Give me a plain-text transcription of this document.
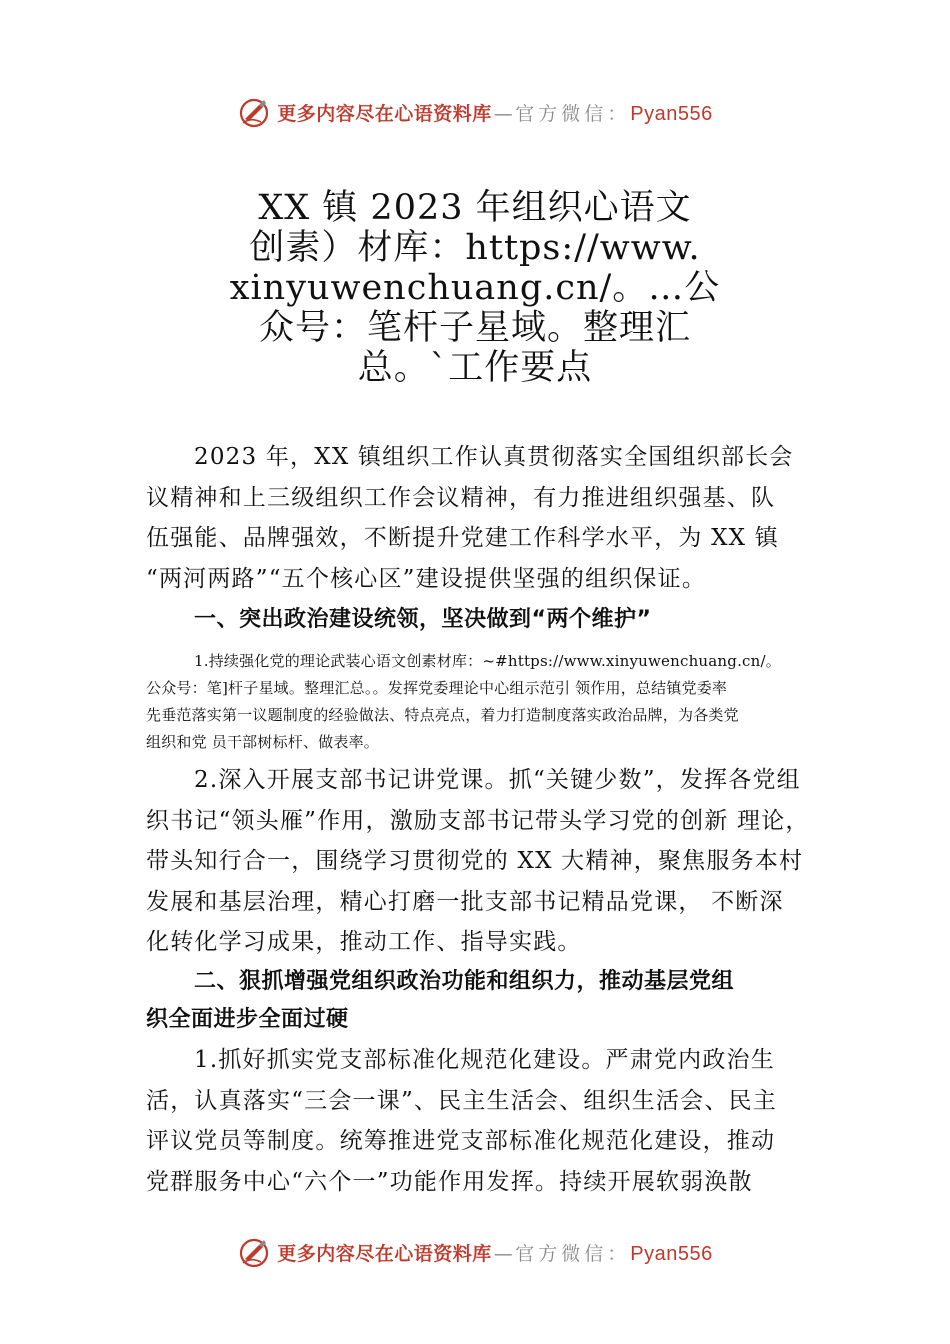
更多内容尽在心语资料库 — 官方微信： Pyan556
XX 镇 2023 年组织心语文
创素）材库：https://www.
xinyuwenchuang.cn/。…公
众号：笔杆子星域。整理汇
总。`工作要点
2023 年，XX 镇组织工作认真贯彻落实全国组织部长会
议精神和上三级组织工作会议精神，有力推进组织强基、队
伍强能、品牌强效，不断提升党建工作科学水平，为 XX 镇
“两河两路”“五个核心区”建设提供坚强的组织保证。
一、突出政治建设统领，坚决做到“两个维护”
1.持续强化党的理论武装心语文创素材库：~#https://www.xinyuwenchuang.cn/。
公众号：笔]杆子星域。整理汇总。。发挥党委理论中心组示范引 领作用，总结镇党委率
先垂范落实第一议题制度的经验做法、特点亮点，着力打造制度落实政治品牌，为各类党
组织和党 员干部树标杆、做表率。
2.深入开展支部书记讲党课。抓“关键少数”，发挥各党组
织书记“领头雁”作用，激励支部书记带头学习党的创新 理论，
带头知行合一，围绕学习贯彻党的 XX 大精神，聚焦服务本村
发展和基层治理，精心打磨一批支部书记精品党课， 不断深
化转化学习成果，推动工作、指导实践。
二、狠抓增强党组织政治功能和组织力，推动基层党组
织全面进步全面过硬
1.抓好抓实党支部标准化规范化建设。严肃党内政治生
活，认真落实“三会一课”、民主生活会、组织生活会、民主
评议党员等制度。统筹推进党支部标准化规范化建设，推动
党群服务中心“六个一”功能作用发挥。持续开展软弱涣散
更多内容尽在心语资料库 — 官方微信： Pyan556
